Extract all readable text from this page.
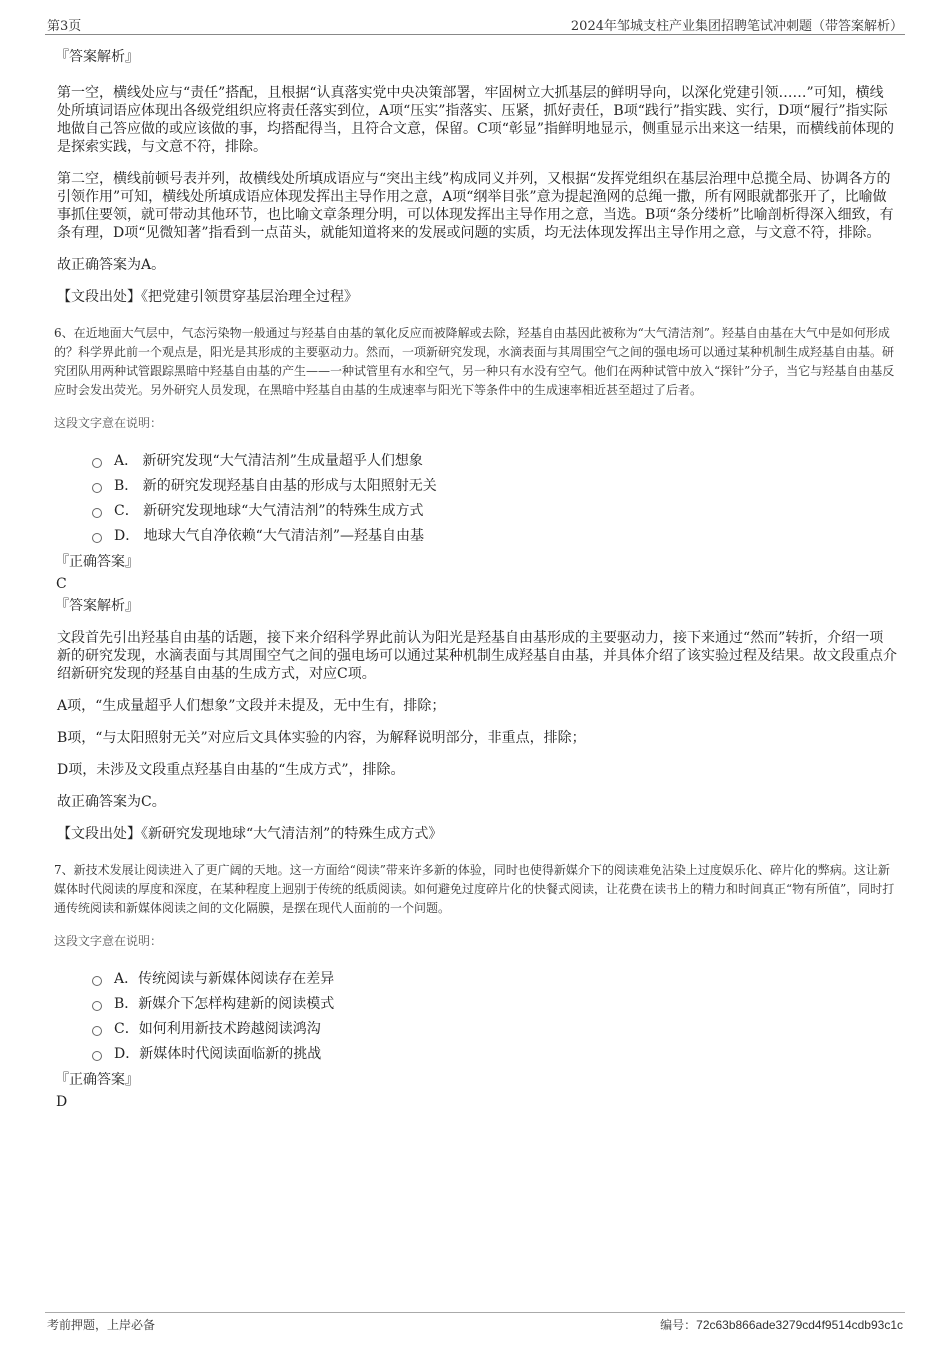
第3页	2024年邹城支柱产业集团招聘笔试冲刺题（带答案解析）
『答案解析』
第一空，横线处应与“责任”搭配，且根据“认真落实党中央决策部署，牢固树立大抓基层的鲜明导向，以深化党建引领……”可知，横线处所填词语应体现出各级党组织应将责任落实到位，A项“压实”指落实、压紧，抓好责任，B项“践行”指实践、实行，D项“履行”指实际地做自己答应做的或应该做的事，均搭配得当，且符合文意，保留。C项“彰显”指鲜明地显示，侧重显示出来这一结果，而横线前体现的是探索实践，与文意不符，排除。
第二空，横线前顿号表并列，故横线处所填成语应与“突出主线”构成同义并列，又根据“发挥党组织在基层治理中总揽全局、协调各方的引领作用”可知，横线处所填成语应体现发挥出主导作用之意，A项“纲举目张”意为提起渔网的总绳一撒，所有网眼就都张开了，比喻做事抓住要领，就可带动其他环节，也比喻文章条理分明，可以体现发挥出主导作用之意，当选。B项“条分缕析”比喻剖析得深入细致，有条有理，D项“见微知著”指看到一点苗头，就能知道将来的发展或问题的实质，均无法体现发挥出主导作用之意，与文意不符，排除。
故正确答案为A。
【文段出处】《把党建引领贯穿基层治理全过程》
6、在近地面大气层中，气态污染物一般通过与羟基自由基的氧化反应而被降解或去除，羟基自由基因此被称为“大气清洁剂”。羟基自由基在大气中是如何形成的？科学界此前一个观点是，阳光是其形成的主要驱动力。然而，一项新研究发现，水滴表面与其周围空气之间的强电场可以通过某种机制生成羟基自由基。研究团队用两种试管跟踪黑暗中羟基自由基的产生——一种试管里有水和空气，另一种只有水没有空气。他们在两种试管中放入“探针”分子，当它与羟基自由基反应时会发出荧光。另外研究人员发现，在黑暗中羟基自由基的生成速率与阳光下等条件中的生成速率相近甚至超过了后者。
这段文字意在说明：
A． 新研究发现“大气清洁剂”生成量超乎人们想象
B． 新的研究发现羟基自由基的形成与太阳照射无关
C． 新研究发现地球“大气清洁剂”的特殊生成方式
D． 地球大气自净依赖“大气清洁剂”—羟基自由基
『正确答案』
C
『答案解析』
文段首先引出羟基自由基的话题，接下来介绍科学界此前认为阳光是羟基自由基形成的主要驱动力，接下来通过“然而”转折，介绍一项新的研究发现，水滴表面与其周围空气之间的强电场可以通过某种机制生成羟基自由基，并具体介绍了该实验过程及结果。故文段重点介绍新研究发现的羟基自由基的生成方式，对应C项。
A项，“生成量超乎人们想象”文段并未提及，无中生有，排除；
B项，“与太阳照射无关”对应后文具体实验的内容，为解释说明部分，非重点，排除；
D项，未涉及文段重点羟基自由基的“生成方式”，排除。
故正确答案为C。
【文段出处】《新研究发现地球“大气清洁剂”的特殊生成方式》
7、新技术发展让阅读进入了更广阔的天地。这一方面给“阅读”带来许多新的体验，同时也使得新媒介下的阅读难免沾染上过度娱乐化、碎片化的弊病。这让新媒体时代阅读的厚度和深度，在某种程度上迥别于传统的纸质阅读。如何避免过度碎片化的快餐式阅读，让花费在读书上的精力和时间真正“物有所值”，同时打通传统阅读和新媒体阅读之间的文化隔膜，是摆在现代人面前的一个问题。
这段文字意在说明：
A．传统阅读与新媒体阅读存在差异
B．新媒介下怎样构建新的阅读模式
C．如何利用新技术跨越阅读鸿沟
D．新媒体时代阅读面临新的挑战
『正确答案』
D
考前押题，上岸必备	编号：72c63b866ade3279cd4f9514cdb93c1c
